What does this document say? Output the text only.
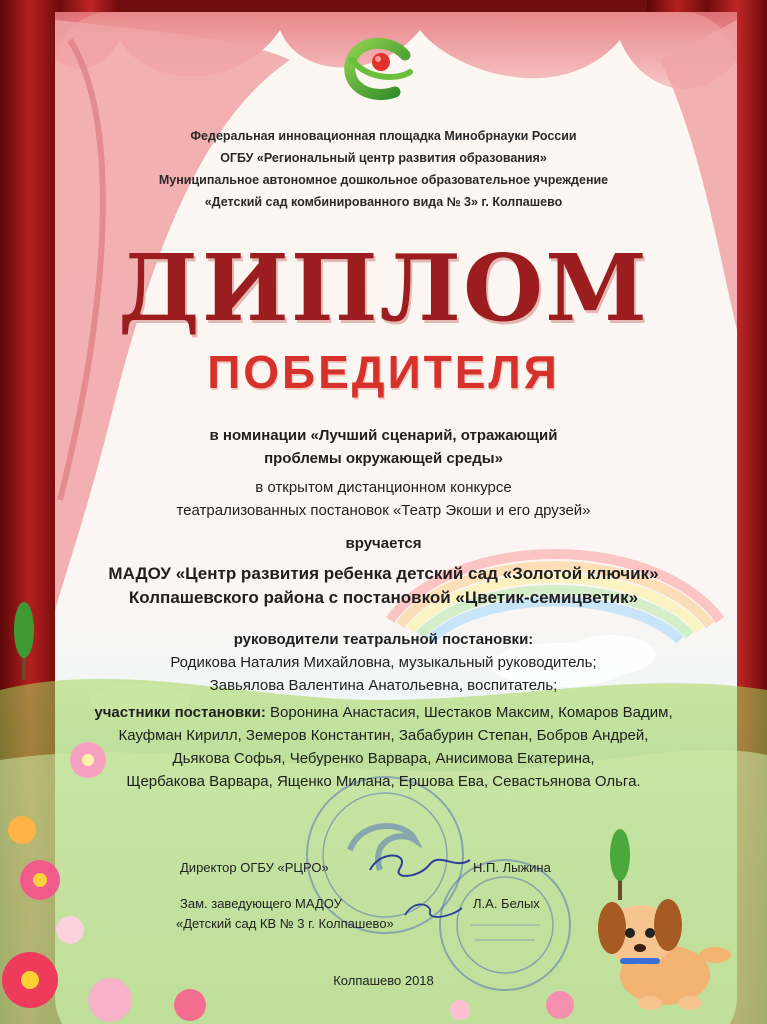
Федеральная инновационная площадка Минобрнауки России
ОГБУ «Региональный центр развития образования»
Муниципальное автономное дошкольное образовательное учреждение
«Детский сад комбинированного вида № 3» г. Колпашево
ДИПЛОМ
ПОБЕДИТЕЛЯ
в номинации «Лучший сценарий, отражающий
проблемы окружающей среды»
в открытом дистанционном конкурсе
театрализованных постановок «Театр Экоши и его друзей»
вручается
МАДОУ «Центр развития ребенка детский сад «Золотой ключик»
Колпашевского района с постановкой «Цветик-семицветик»
руководители театральной постановки:
Родикова Наталия Михайловна, музыкальный руководитель;
Завьялова Валентина Анатольевна, воспитатель;
участники постановки: Воронина Анастасия, Шестаков Максим, Комаров Вадим,
Кауфман Кирилл, Земеров Константин, Забабурин Степан, Бобров Андрей,
Дьякова Софья, Чебуренко Варвара, Анисимова Екатерина,
Щербакова Варвара, Ященко Милана, Ершова Ева, Севастьянова Ольга.
Директор ОГБУ «РЦРО»	Н.П. Лыжина
Зам. заведующего МАДОУ
«Детский сад КВ № 3 г. Колпашево»
Л.А. Белых
Колпашево 2018
